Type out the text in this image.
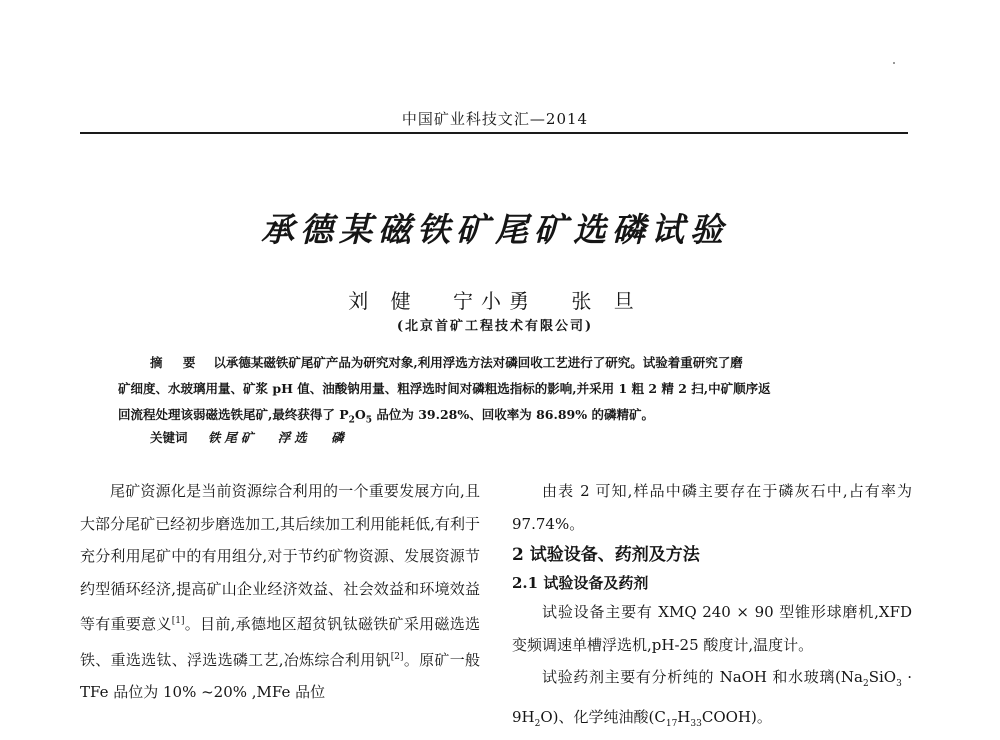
中国矿业科技文汇—2014
承德某磁铁矿尾矿选磷试验
刘 健 宁小勇 张 旦
(北京首矿工程技术有限公司)
摘 要 以承德某磁铁矿尾矿产品为研究对象,利用浮选方法对磷回收工艺进行了研究。试验着重研究了磨
矿细度、水玻璃用量、矿浆 pH 值、油酸钠用量、粗浮选时间对磷粗选指标的影响,并采用 1 粗 2 精 2 扫,中矿顺序返
回流程处理该弱磁选铁尾矿,最终获得了 $P_2O_5$ 品位为 39.28%、回收率为 86.89% 的磷精矿。
关键词 铁尾矿 浮选 磷

尾矿资源化是当前资源综合利用的一个重要发展方向,且大部分尾矿已经初步磨选加工,其后续加工利用能耗低,有利于充分利用尾矿中的有用组分,对于节约矿物资源、发展资源节约型循环经济,提高矿山企业经济效益、社会效益和环境效益等有重要意义[1]。目前,承德地区超贫钒钛磁铁矿采用磁选选铁、重选选钛、浮选选磷工艺,冶炼综合利用钒[2]。原矿一般 TFe 品位为 10% ~20% ,MFe 品位

由表 2 可知,样品中磷主要存在于磷灰石中,占有率为 97.74%。

2 试验设备、药剂及方法
2.1 试验设备及药剂

试验设备主要有 XMQ 240 × 90 型锥形球磨机,XFD 变频调速单槽浮选机,pH-25 酸度计,温度计。

试验药剂主要有分析纯的 NaOH 和水玻璃$(Na_2SiO_3 \cdot 9H_2O)$、化学纯油酸$(C_{17}H_{33}COOH)$。
